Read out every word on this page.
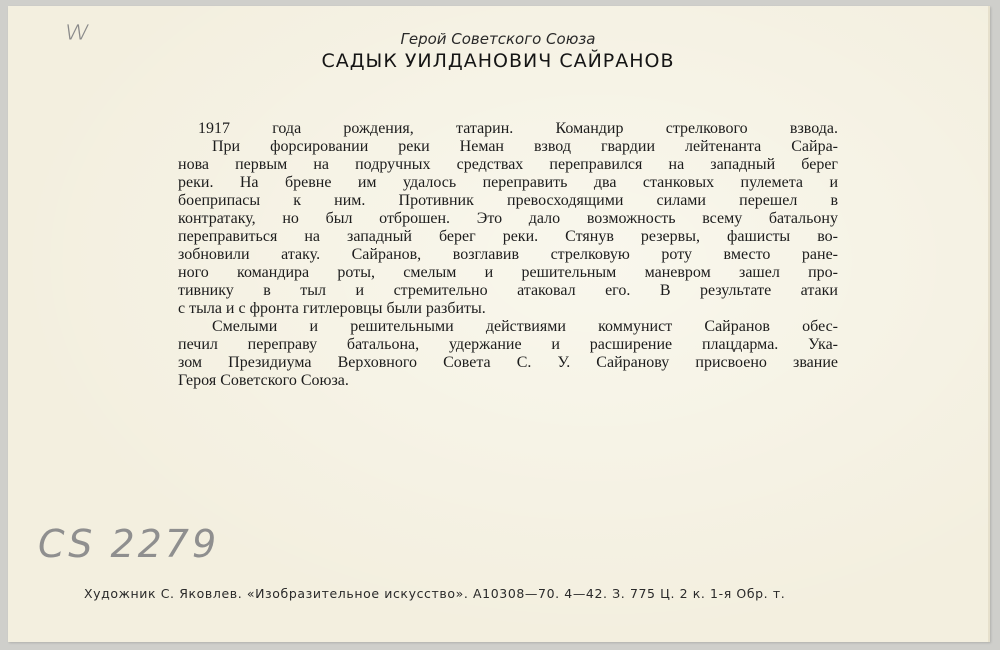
W	Герой Советского Союза
САДЫК УИЛДАНОВИЧ САЙРАНОВ
1917 года рождения, татарин. Командир стрелкового взвода.
При форсировании реки Неман взвод гвардии лейтенанта Сайра-
нова первым на подручных средствах переправился на западный берег
реки. На бревне им удалось переправить два станковых пулемета и
боеприпасы к ним. Противник превосходящими силами перешел в
контратаку, но был отброшен. Это дало возможность всему батальону
переправиться на западный берег реки. Стянув резервы, фашисты во-
зобновили атаку. Сайранов, возглавив стрелковую роту вместо ране-
ного командира роты, смелым и решительным маневром зашел про-
тивнику в тыл и стремительно атаковал его. В результате атаки
с тыла и с фронта гитлеровцы были разбиты.
Смелыми и решительными действиями коммунист Сайранов обес-
печил переправу батальона, удержание и расширение плацдарма. Ука-
зом Президиума Верховного Совета С. У. Сайранову присвоено звание
Героя Советского Союза.
CS 2279
Художник С. Яковлев. «Изобразительное искусство». А10308—70. 4—42. З. 775 Ц. 2 к. 1-я Обр. т.
